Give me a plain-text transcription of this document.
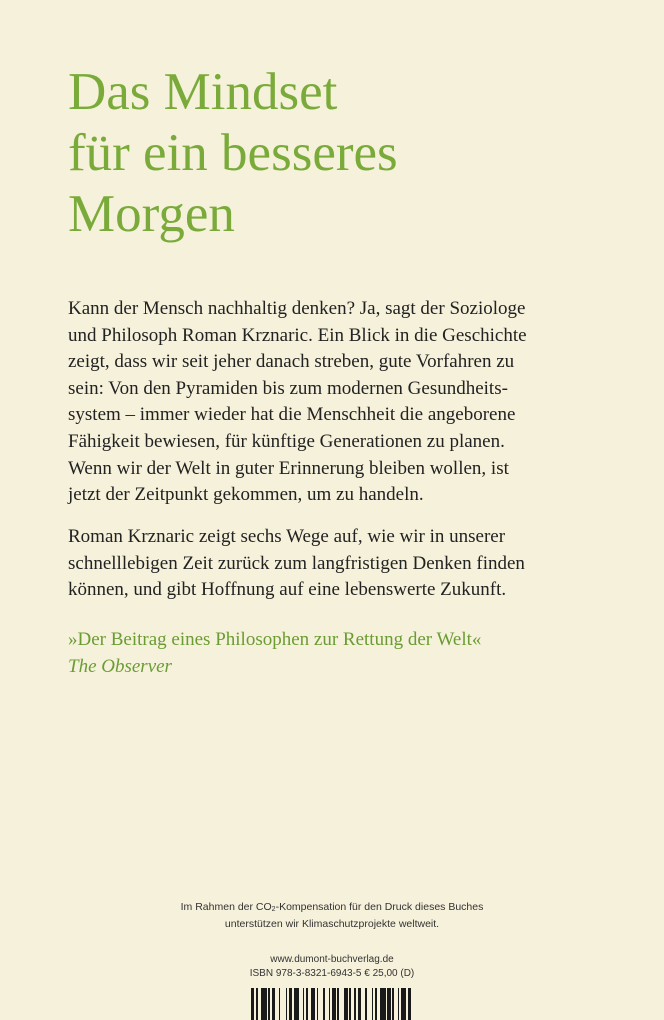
Das Mindset
für ein besseres
Morgen
Kann der Mensch nachhaltig denken? Ja, sagt der Soziologe
und Philosoph Roman Krznaric. Ein Blick in die Geschichte
zeigt, dass wir seit jeher danach streben, gute Vorfahren zu
sein: Von den Pyramiden bis zum modernen Gesundheits-
system – immer wieder hat die Menschheit die angeborene
Fähigkeit bewiesen, für künftige Generationen zu planen.
Wenn wir der Welt in guter Erinnerung bleiben wollen, ist
jetzt der Zeitpunkt gekommen, um zu handeln.
Roman Krznaric zeigt sechs Wege auf, wie wir in unserer
schnelllebigen Zeit zurück zum langfristigen Denken finden
können, und gibt Hoffnung auf eine lebenswerte Zukunft.
»Der Beitrag eines Philosophen zur Rettung der Welt«
The Observer
Im Rahmen der $CO_2$-Kompensation für den Druck dieses Buches
unterstützen wir Klimaschutzprojekte weltweit.
www.dumont-buchverlag.de
ISBN 978-3-8321-6943-5 € 25,00 (D)
